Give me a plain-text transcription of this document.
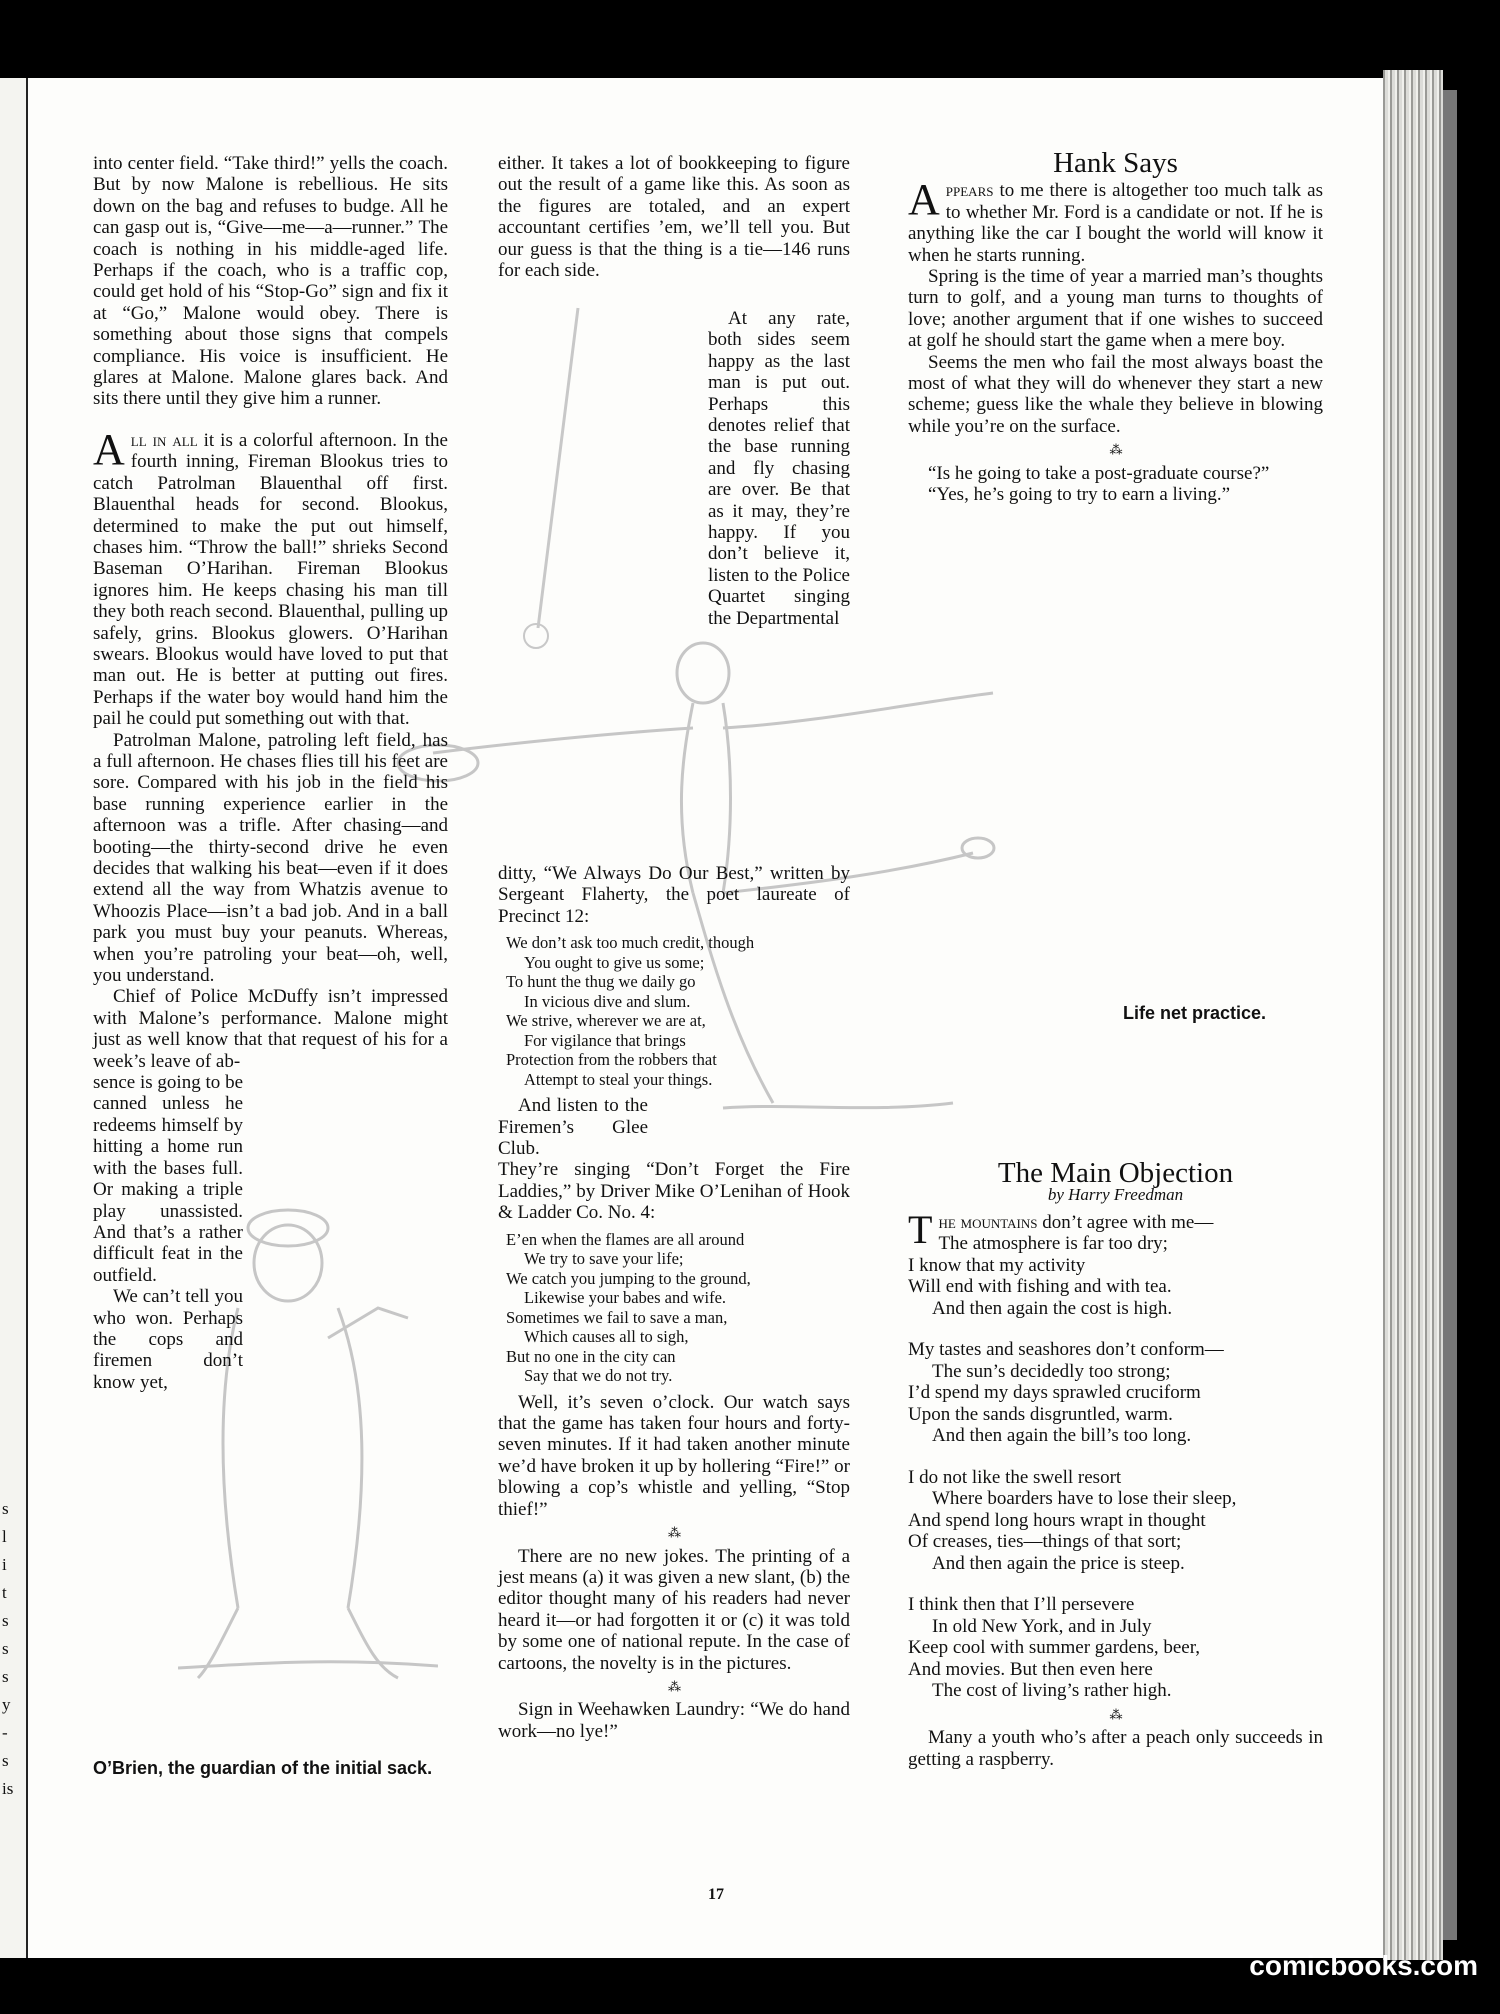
s
l
i
t
s
s
s
y
-
s
is

into center field. “Take third!” yells the coach. But by now Malone is rebellious. He sits down on the bag and refuses to budge. All he can gasp out is, “Give—me—a—runner.” The coach is nothing in his middle-aged life. Perhaps if the coach, who is a traffic cop, could get hold of his “Stop-Go” sign and fix it at “Go,” Malone would obey. There is something about those signs that compels compliance. His voice is insufficient. He glares at Malone. Malone glares back. And sits there until they give him a runner.

All in all it is a colorful afternoon. In the fourth inning, Fireman Blookus tries to catch Patrolman Blauenthal off first. Blauenthal heads for second. Blookus, determined to make the put out himself, chases him. “Throw the ball!” shrieks Second Baseman O’Harihan. Fireman Blookus ignores him. He keeps chasing his man till they both reach second. Blauenthal, pulling up safely, grins. Blookus glowers. O’Harihan swears. Blookus would have loved to put that man out. He is better at putting out fires. Perhaps if the water boy would hand him the pail he could put something out with that.

Patrolman Malone, patroling left field, has a full afternoon. He chases flies till his feet are sore. Compared with his job in the field his base running experience earlier in the afternoon was a trifle. After chasing—and booting—the thirty-second drive he even decides that walking his beat—even if it does extend all the way from Whatzis avenue to Whoozis Place—isn’t a bad job. And in a ball park you must buy your peanuts. Whereas, when you’re patroling your beat—oh, well, you understand.

Chief of Police McDuffy isn’t impressed with Malone’s performance. Malone might just as well know that that request of his for a week’s leave of ab-

sence is going to be canned unless he redeems himself by hitting a home run with the bases full. Or making a triple play unassisted. And that’s a rather difficult feat in the outfield.

We can’t tell you who won. Perhaps the cops and firemen don’t know yet,

O’Brien, the guardian of the initial sack.

either. It takes a lot of bookkeeping to figure out the result of a game like this. As soon as the figures are totaled, and an expert accountant certifies ’em, we’ll tell you. But our guess is that the thing is a tie—146 runs for each side.

At any rate, both sides seem happy as the last man is put out. Perhaps this denotes relief that the base running and fly chasing are over. Be that as it may, they’re happy. If you don’t believe it, listen to the Police Quartet singing the Departmental

ditty, “We Always Do Our Best,” written by Sergeant Flaherty, the poet laureate of Precinct 12:

We don’t ask too much credit, though
You ought to give us some;
To hunt the thug we daily go
In vicious dive and slum.
We strive, wherever we are at,
For vigilance that brings
Protection from the robbers that
Attempt to steal your things.

And listen to the Firemen’s Glee Club.

They’re singing “Don’t Forget the Fire Laddies,” by Driver Mike O’Lenihan of Hook & Ladder Co. No. 4:

E’en when the flames are all around
We try to save your life;
We catch you jumping to the ground,
Likewise your babes and wife.
Sometimes we fail to save a man,
Which causes all to sigh,
But no one in the city can
Say that we do not try.

Well, it’s seven o’clock. Our watch says that the game has taken four hours and forty-seven minutes. If it had taken another minute we’d have broken it up by hollering “Fire!” or blowing a cop’s whistle and yelling, “Stop thief!”

⁂

There are no new jokes. The printing of a jest means (a) it was given a new slant, (b) the editor thought many of his readers had never heard it—or had forgotten it or (c) it was told by some one of national repute. In the case of cartoons, the novelty is in the pictures.

⁂

Sign in Weehawken Laundry: “We do hand work—no lye!”

Hank Says

Appears to me there is altogether too much talk as to whether Mr. Ford is a candidate or not. If he is anything like the car I bought the world will know it when he starts running.

Spring is the time of year a married man’s thoughts turn to golf, and a young man turns to thoughts of love; another argument that if one wishes to succeed at golf he should start the game when a mere boy.

Seems the men who fail the most always boast the most of what they will do whenever they start a new scheme; guess like the whale they believe in blowing while you’re on the surface.

⁂

“Is he going to take a post-graduate course?”

“Yes, he’s going to try to earn a living.”

Life net practice.
The Main Objection
by Harry Freedman
The mountains don’t agree with me—
The atmosphere is far too dry;
I know that my activity
Will end with fishing and with tea.
And then again the cost is high.
My tastes and seashores don’t conform—
The sun’s decidedly too strong;
I’d spend my days sprawled cruciform
Upon the sands disgruntled, warm.
And then again the bill’s too long.
I do not like the swell resort
Where boarders have to lose their sleep,
And spend long hours wrapt in thought
Of creases, ties—things of that sort;
And then again the price is steep.
I think then that I’ll persevere
In old New York, and in July
Keep cool with summer gardens, beer,
And movies. But then even here
The cost of living’s rather high.
⁂

Many a youth who’s after a peach only succeeds in getting a raspberry.

17
comicbooks.com
